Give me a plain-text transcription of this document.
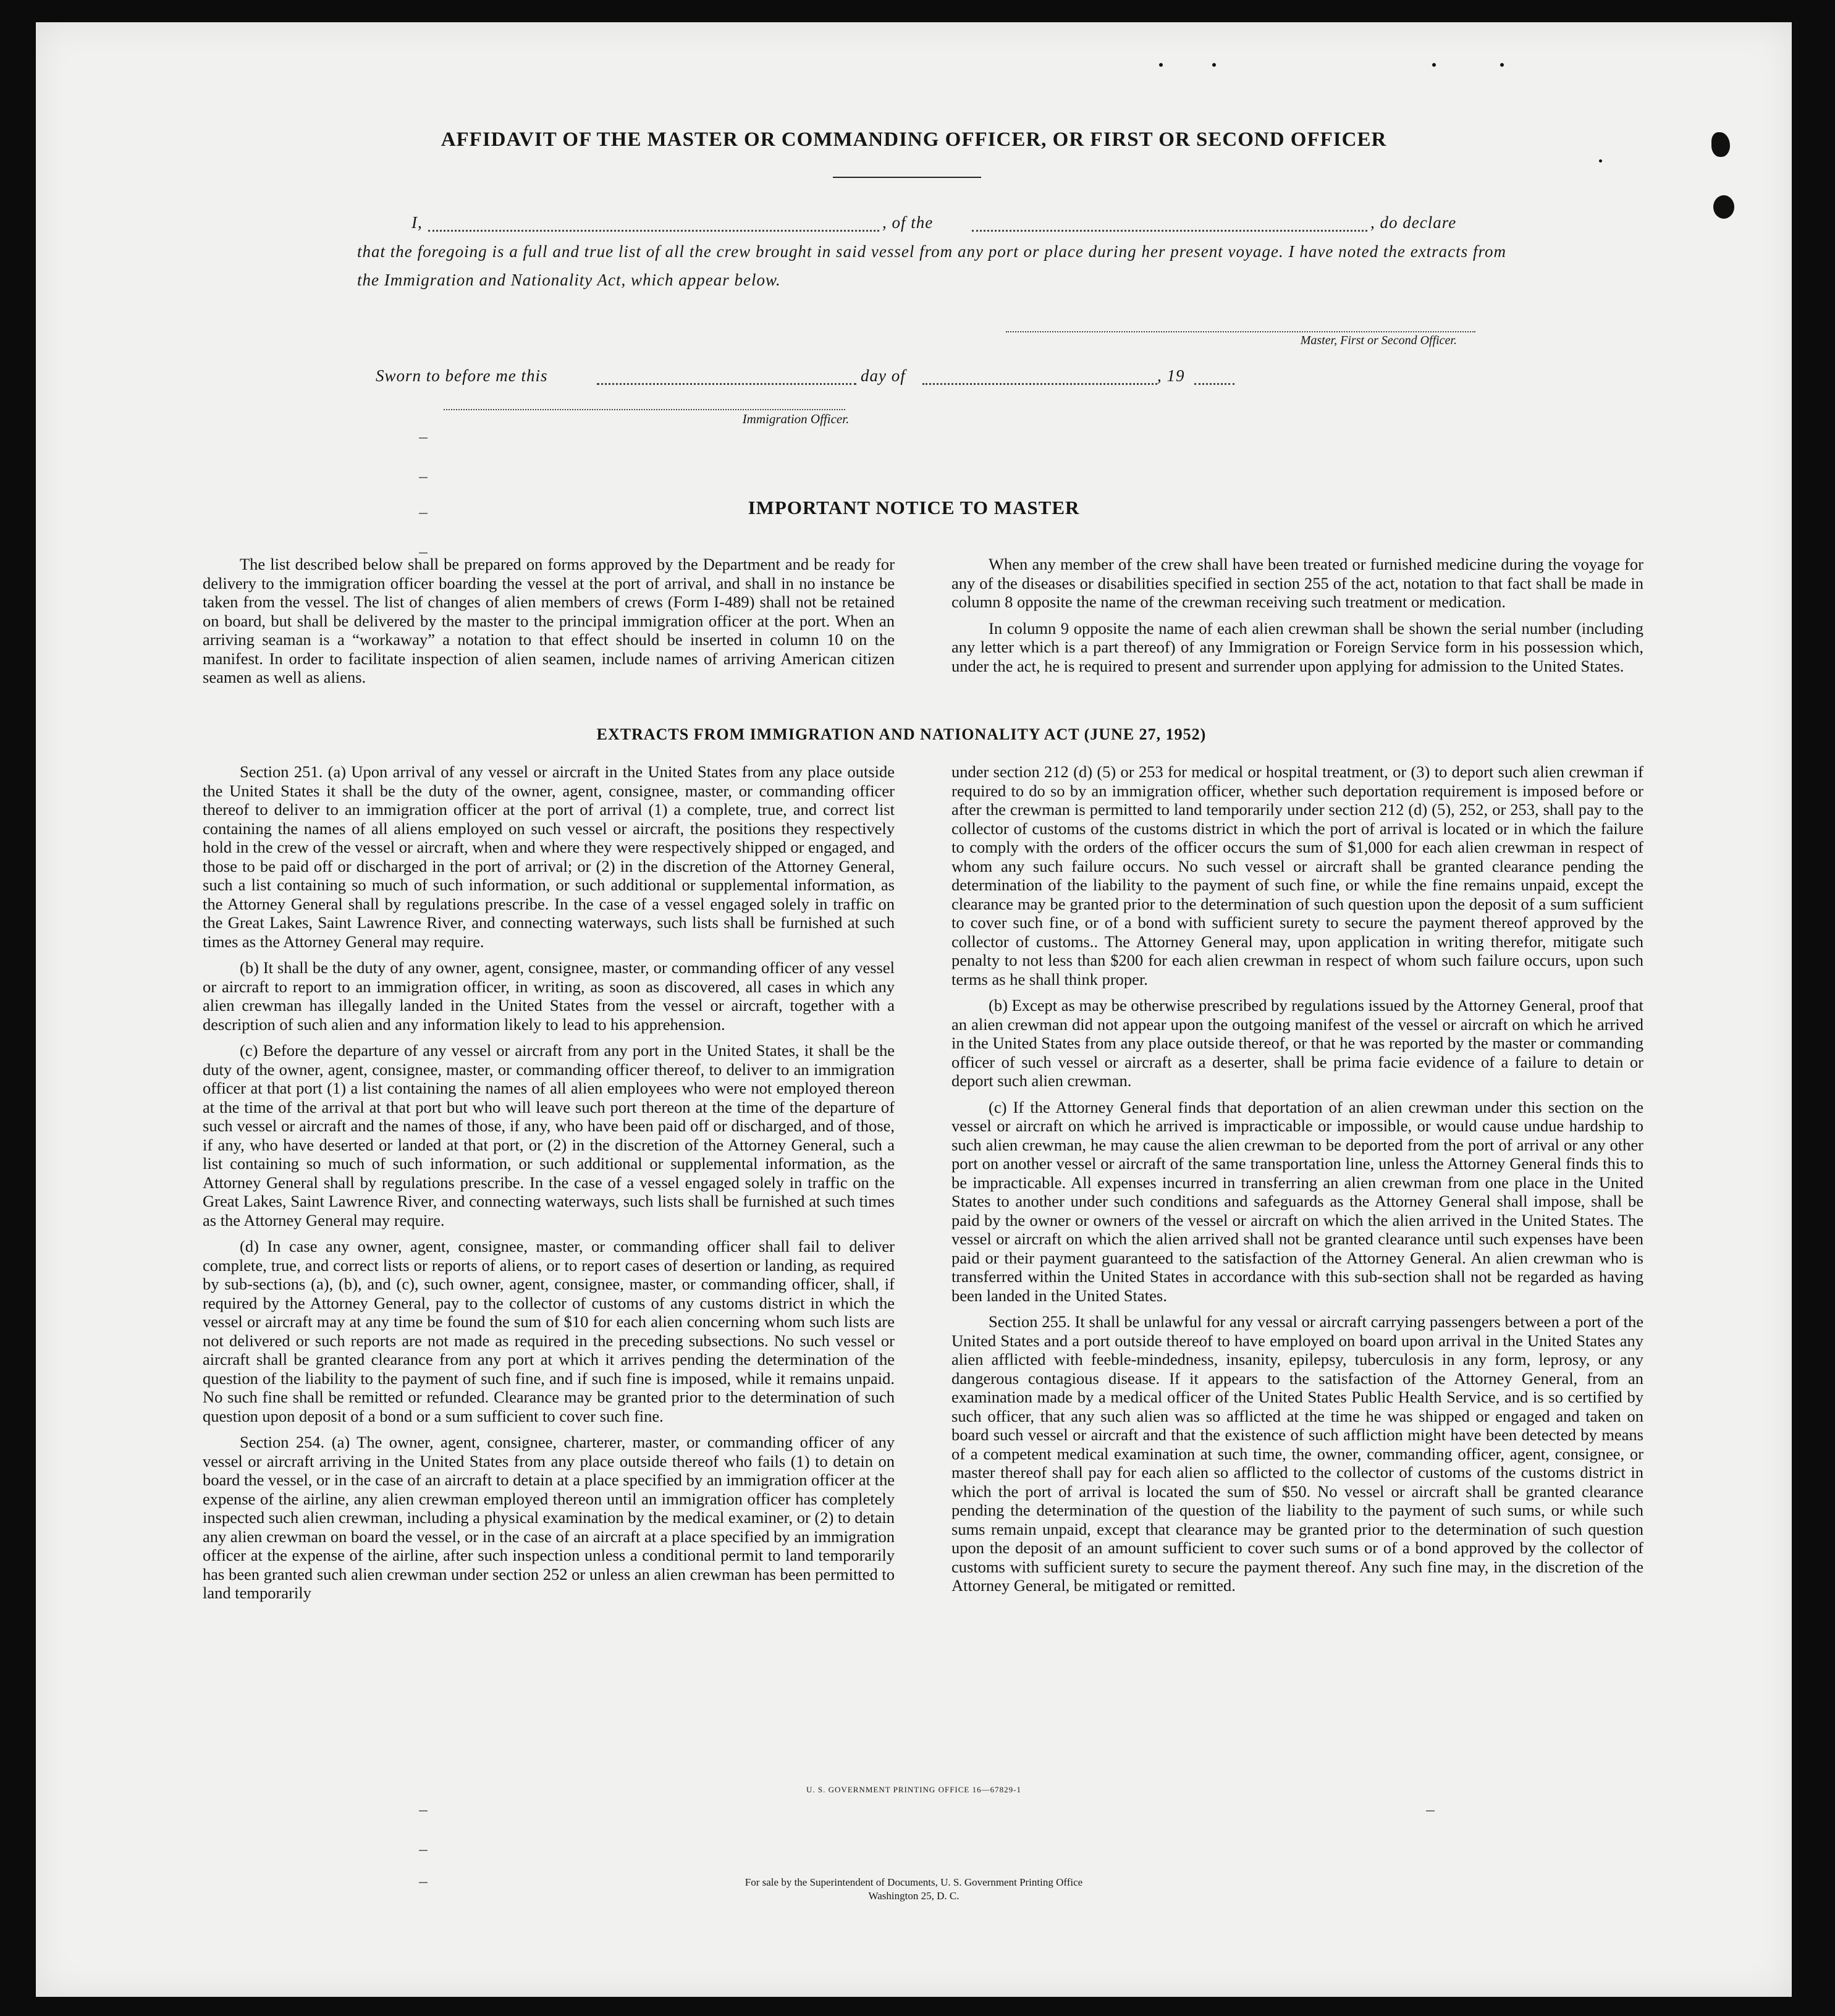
AFFIDAVIT OF THE MASTER OR COMMANDING OFFICER, OR FIRST OR SECOND OFFICER
I,	, of the	, do declare
that the foregoing is a full and true list of all the crew brought in said vessel from any port or place during her present voyage. I have noted the extracts from the Immigration and Nationality Act, which appear below.
Master, First or Second Officer.
Sworn to before me this	day of	, 19
Immigration Officer.
IMPORTANT NOTICE TO MASTER

The list described below shall be prepared on forms approved by the Department and be ready for delivery to the immigration officer boarding the vessel at the port of arrival, and shall in no instance be taken from the vessel. The list of changes of alien members of crews (Form I-489) shall not be retained on board, but shall be delivered by the master to the principal immigration officer at the port. When an arriving seaman is a “workaway” a notation to that effect should be inserted in column 10 on the manifest. In order to facilitate inspection of alien seamen, include names of arriving American citizen seamen as well as aliens.

When any member of the crew shall have been treated or furnished medicine during the voyage for any of the diseases or disabilities specified in section 255 of the act, notation to that fact shall be made in column 8 opposite the name of the crewman receiving such treatment or medication.

In column 9 opposite the name of each alien crewman shall be shown the serial number (including any letter which is a part thereof) of any Immigration or Foreign Service form in his possession which, under the act, he is required to present and surrender upon applying for admission to the United States.

EXTRACTS FROM IMMIGRATION AND NATIONALITY ACT (JUNE 27, 1952)

Section 251. (a) Upon arrival of any vessel or aircraft in the United States from any place outside the United States it shall be the duty of the owner, agent, consignee, master, or commanding officer thereof to deliver to an immigration officer at the port of arrival (1) a complete, true, and correct list containing the names of all aliens employed on such vessel or aircraft, the positions they respectively hold in the crew of the vessel or aircraft, when and where they were respectively shipped or engaged, and those to be paid off or discharged in the port of arrival; or (2) in the discretion of the Attorney General, such a list containing so much of such information, or such additional or supplemental information, as the Attorney General shall by regulations prescribe. In the case of a vessel engaged solely in traffic on the Great Lakes, Saint Lawrence River, and connecting waterways, such lists shall be furnished at such times as the Attorney General may require.

(b) It shall be the duty of any owner, agent, consignee, master, or commanding officer of any vessel or aircraft to report to an immigration officer, in writing, as soon as discovered, all cases in which any alien crewman has illegally landed in the United States from the vessel or aircraft, together with a description of such alien and any information likely to lead to his apprehension.

(c) Before the departure of any vessel or aircraft from any port in the United States, it shall be the duty of the owner, agent, consignee, master, or commanding officer thereof, to deliver to an immigration officer at that port (1) a list containing the names of all alien employees who were not employed thereon at the time of the arrival at that port but who will leave such port thereon at the time of the departure of such vessel or aircraft and the names of those, if any, who have been paid off or discharged, and of those, if any, who have deserted or landed at that port, or (2) in the discretion of the Attorney General, such a list containing so much of such information, or such additional or supplemental information, as the Attorney General shall by regulations prescribe. In the case of a vessel engaged solely in traffic on the Great Lakes, Saint Lawrence River, and connecting waterways, such lists shall be furnished at such times as the Attorney General may require.

(d) In case any owner, agent, consignee, master, or commanding officer shall fail to deliver complete, true, and correct lists or reports of aliens, or to report cases of desertion or landing, as required by sub-sections (a), (b), and (c), such owner, agent, consignee, master, or commanding officer, shall, if required by the Attorney General, pay to the collector of customs of any customs district in which the vessel or aircraft may at any time be found the sum of $10 for each alien concerning whom such lists are not delivered or such reports are not made as required in the preceding subsections. No such vessel or aircraft shall be granted clearance from any port at which it arrives pending the determination of the question of the liability to the payment of such fine, and if such fine is imposed, while it remains unpaid. No such fine shall be remitted or refunded. Clearance may be granted prior to the determination of such question upon deposit of a bond or a sum sufficient to cover such fine.

Section 254. (a) The owner, agent, consignee, charterer, master, or commanding officer of any vessel or aircraft arriving in the United States from any place outside thereof who fails (1) to detain on board the vessel, or in the case of an aircraft to detain at a place specified by an immigration officer at the expense of the airline, any alien crewman employed thereon until an immigration officer has completely inspected such alien crewman, including a physical examination by the medical examiner, or (2) to detain any alien crewman on board the vessel, or in the case of an aircraft at a place specified by an immigration officer at the expense of the airline, after such inspection unless a conditional permit to land temporarily has been granted such alien crewman under section 252 or unless an alien crewman has been permitted to land temporarily

under section 212 (d) (5) or 253 for medical or hospital treatment, or (3) to deport such alien crewman if required to do so by an immigration officer, whether such deportation requirement is imposed before or after the crewman is permitted to land temporarily under section 212 (d) (5), 252, or 253, shall pay to the collector of customs of the customs district in which the port of arrival is located or in which the failure to comply with the orders of the officer occurs the sum of $1,000 for each alien crewman in respect of whom any such failure occurs. No such vessel or aircraft shall be granted clearance pending the determination of the liability to the payment of such fine, or while the fine remains unpaid, except the clearance may be granted prior to the determination of such question upon the deposit of a sum sufficient to cover such fine, or of a bond with sufficient surety to secure the payment thereof approved by the collector of customs.. The Attorney General may, upon application in writing therefor, mitigate such penalty to not less than $200 for each alien crewman in respect of whom such failure occurs, upon such terms as he shall think proper.

(b) Except as may be otherwise prescribed by regulations issued by the Attorney General, proof that an alien crewman did not appear upon the outgoing manifest of the vessel or aircraft on which he arrived in the United States from any place outside thereof, or that he was reported by the master or commanding officer of such vessel or aircraft as a deserter, shall be prima facie evidence of a failure to detain or deport such alien crewman.

(c) If the Attorney General finds that deportation of an alien crewman under this section on the vessel or aircraft on which he arrived is impracticable or impossible, or would cause undue hardship to such alien crewman, he may cause the alien crewman to be deported from the port of arrival or any other port on another vessel or aircraft of the same transportation line, unless the Attorney General finds this to be impracticable. All expenses incurred in transferring an alien crewman from one place in the United States to another under such conditions and safeguards as the Attorney General shall impose, shall be paid by the owner or owners of the vessel or aircraft on which the alien arrived in the United States. The vessel or aircraft on which the alien arrived shall not be granted clearance until such expenses have been paid or their payment guaranteed to the satisfaction of the Attorney General. An alien crewman who is transferred within the United States in accordance with this sub-section shall not be regarded as having been landed in the United States.

Section 255. It shall be unlawful for any vessal or aircraft carrying passengers between a port of the United States and a port outside thereof to have employed on board upon arrival in the United States any alien afflicted with feeble-mindedness, insanity, epilepsy, tuberculosis in any form, leprosy, or any dangerous contagious disease. If it appears to the satisfaction of the Attorney General, from an examination made by a medical officer of the United States Public Health Service, and is so certified by such officer, that any such alien was so afflicted at the time he was shipped or engaged and taken on board such vessel or aircraft and that the existence of such affliction might have been detected by means of a competent medical examination at such time, the owner, commanding officer, agent, consignee, or master thereof shall pay for each alien so afflicted to the collector of customs of the customs district in which the port of arrival is located the sum of $50. No vessel or aircraft shall be granted clearance pending the determination of the question of the liability to the payment of such sums, or while such sums remain unpaid, except that clearance may be granted prior to the determination of such question upon the deposit of an amount sufficient to cover such sums or of a bond approved by the collector of customs with sufficient surety to secure the payment thereof. Any such fine may, in the discretion of the Attorney General, be mitigated or remitted.

U. S. GOVERNMENT PRINTING OFFICE 16—67829-1
For sale by the Superintendent of Documents, U. S. Government Printing Office
Washington 25, D. C.
